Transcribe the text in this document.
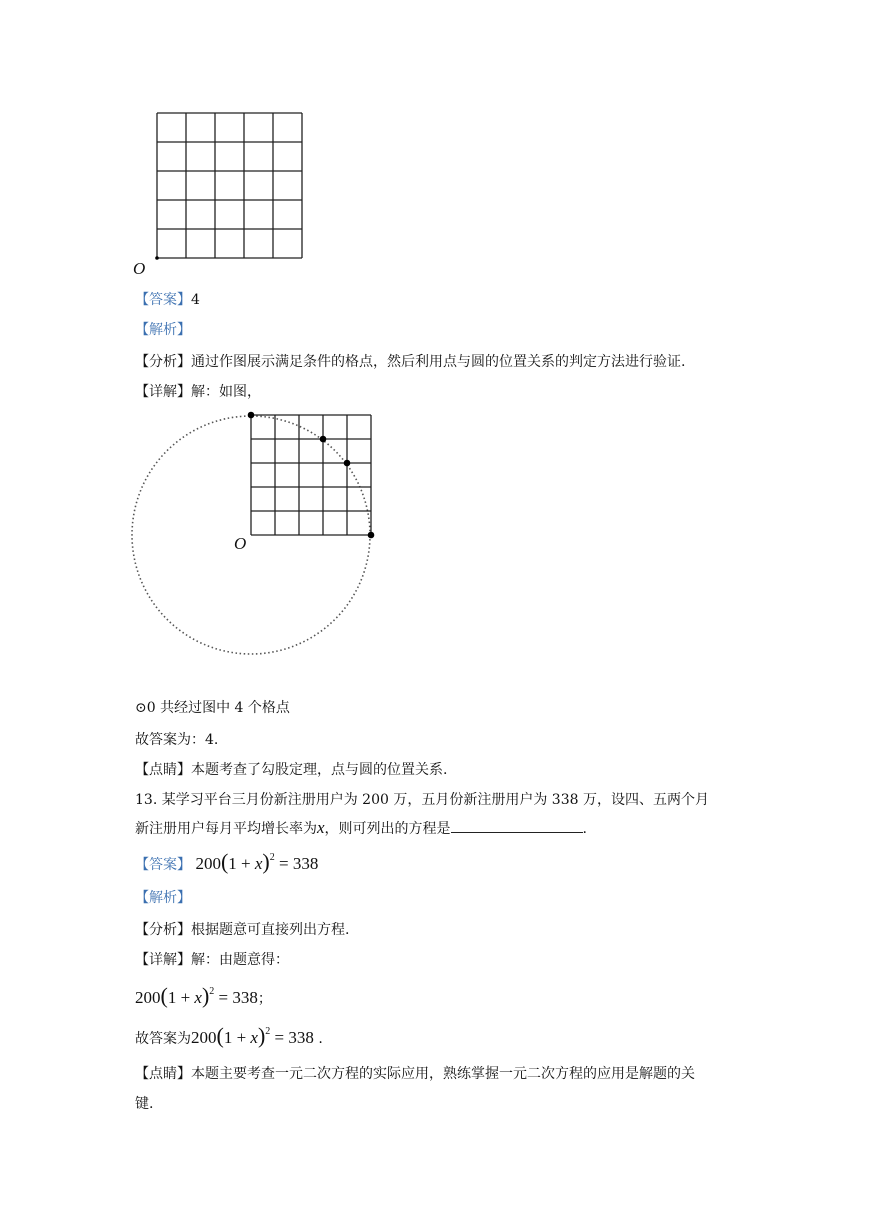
O
【答案】4
【解析】
【分析】通过作图展示满足条件的格点，然后利用点与圆的位置关系的判定方法进行验证.
【详解】解：如图，
O
⊙0 共经过图中 4 个格点
故答案为：4.
【点睛】本题考查了勾股定理，点与圆的位置关系.
13. 某学习平台三月份新注册用户为 200 万，五月份新注册用户为 338 万，设四、五两个月
新注册用户每月平均增长率为x，则可列出的方程是	.
【答案】 $200(1 + x)^2 = 338$
【解析】
【分析】根据题意可直接列出方程.
【详解】解：由题意得：
$200(1 + x)^2 = 338$；
故答案为$200(1 + x)^2 = 338$ .
【点睛】本题主要考查一元二次方程的实际应用，熟练掌握一元二次方程的应用是解题的关
键.
